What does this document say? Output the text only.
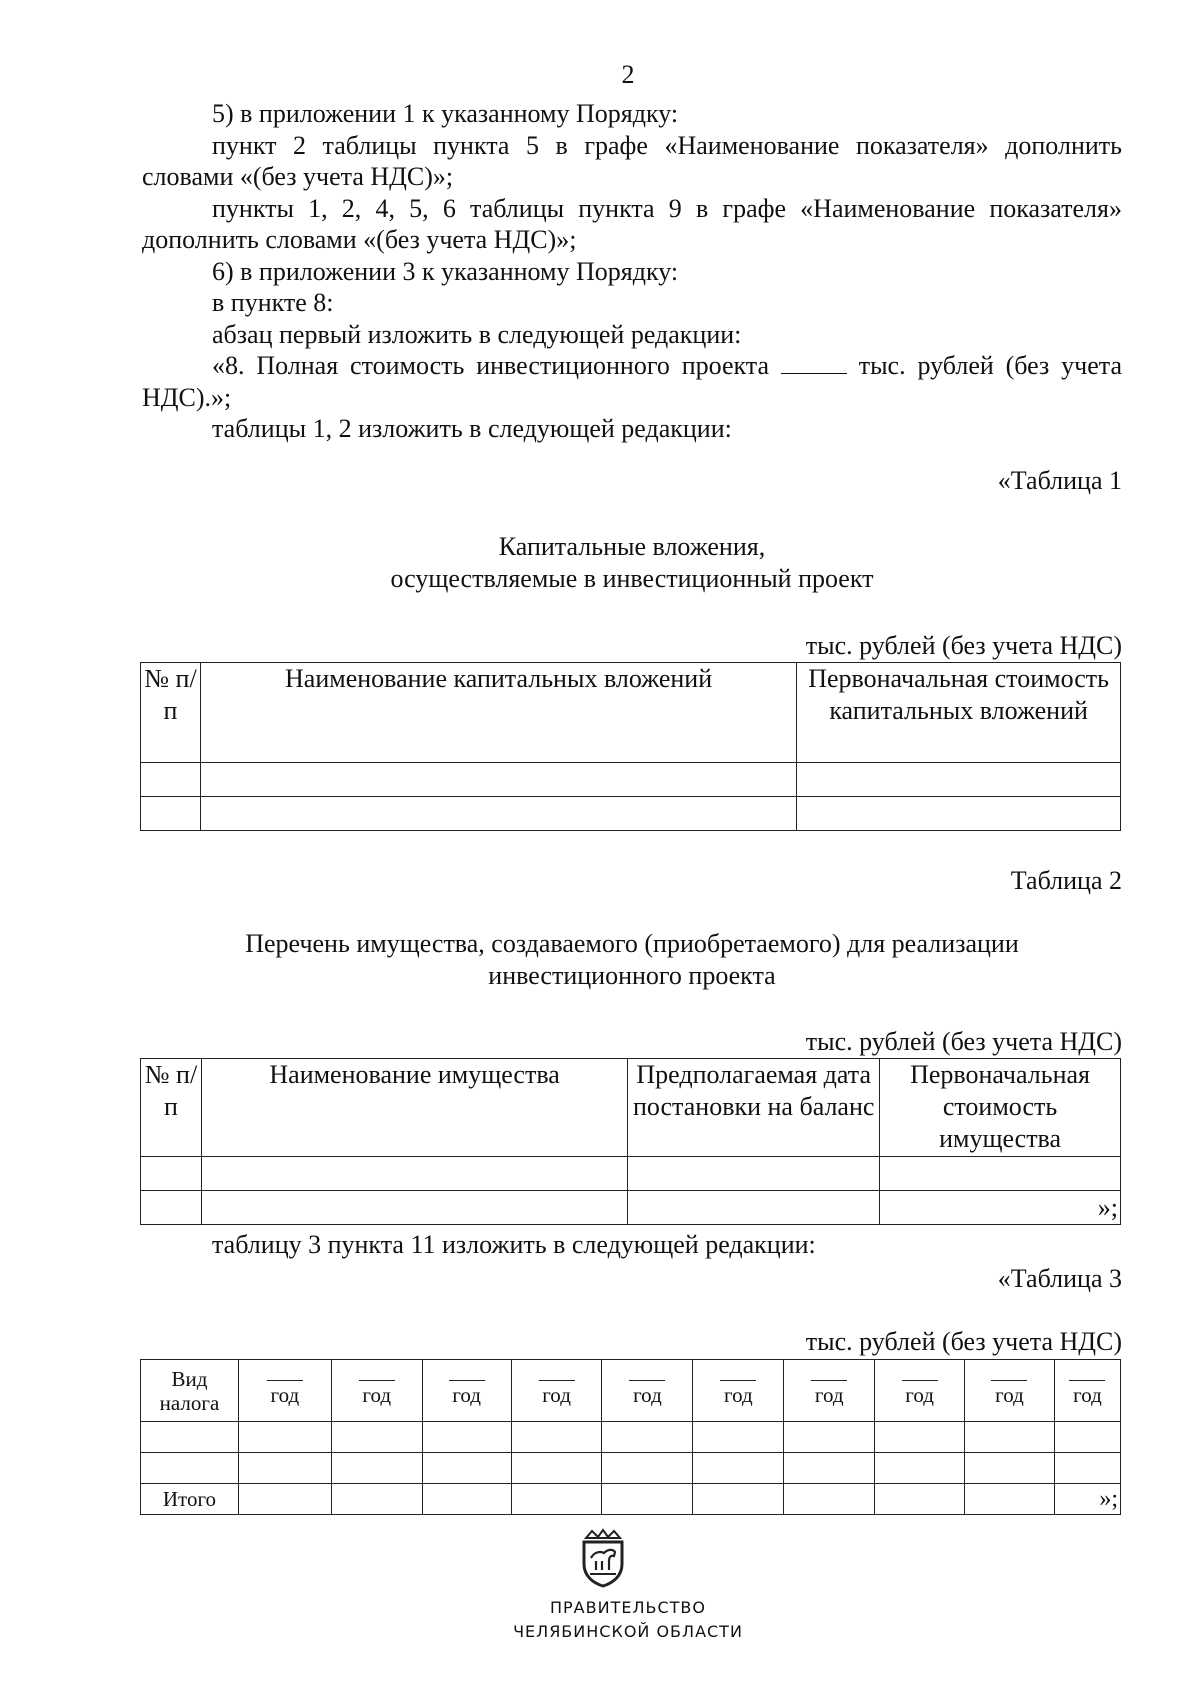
2

5) в приложении 1 к указанному Порядку:

пункт 2 таблицы пункта 5 в графе «Наименование показателя» дополнить словами «(без учета НДС)»;

пункты 1, 2, 4, 5, 6 таблицы пункта 9 в графе «Наименование показателя» дополнить словами «(без учета НДС)»;

6) в приложении 3 к указанному Порядку:

в пункте 8:

абзац первый изложить в следующей редакции:

«8. Полная стоимость инвестиционного проекта	тыс. рублей (без учета НДС).»;

таблицы 1, 2 изложить в следующей редакции:

«Таблица 1
Капитальные вложения,
осуществляемые в инвестиционный проект
тыс. рублей (без учета НДС)
№ п/п	Наименование капитальных вложений	Первоначальная стоимость капитальных вложений

Таблица 2
Перечень имущества, создаваемого (приобретаемого) для реализации
инвестиционного проекта
тыс. рублей (без учета НДС)
№ п/п	Наименование имущества	Предполагаемая дата постановки на баланс	Первоначальная стоимость имущества

			»;

таблицу 3 пункта 11 изложить в следующей редакции:

«Таблица 3
тыс. рублей (без учета НДС)
Вид налога	год	год	год	год	год	год	год	год	год	год

Итого										»;
ПРАВИТЕЛЬСТВО
ЧЕЛЯБИНСКОЙ ОБЛАСТИ
